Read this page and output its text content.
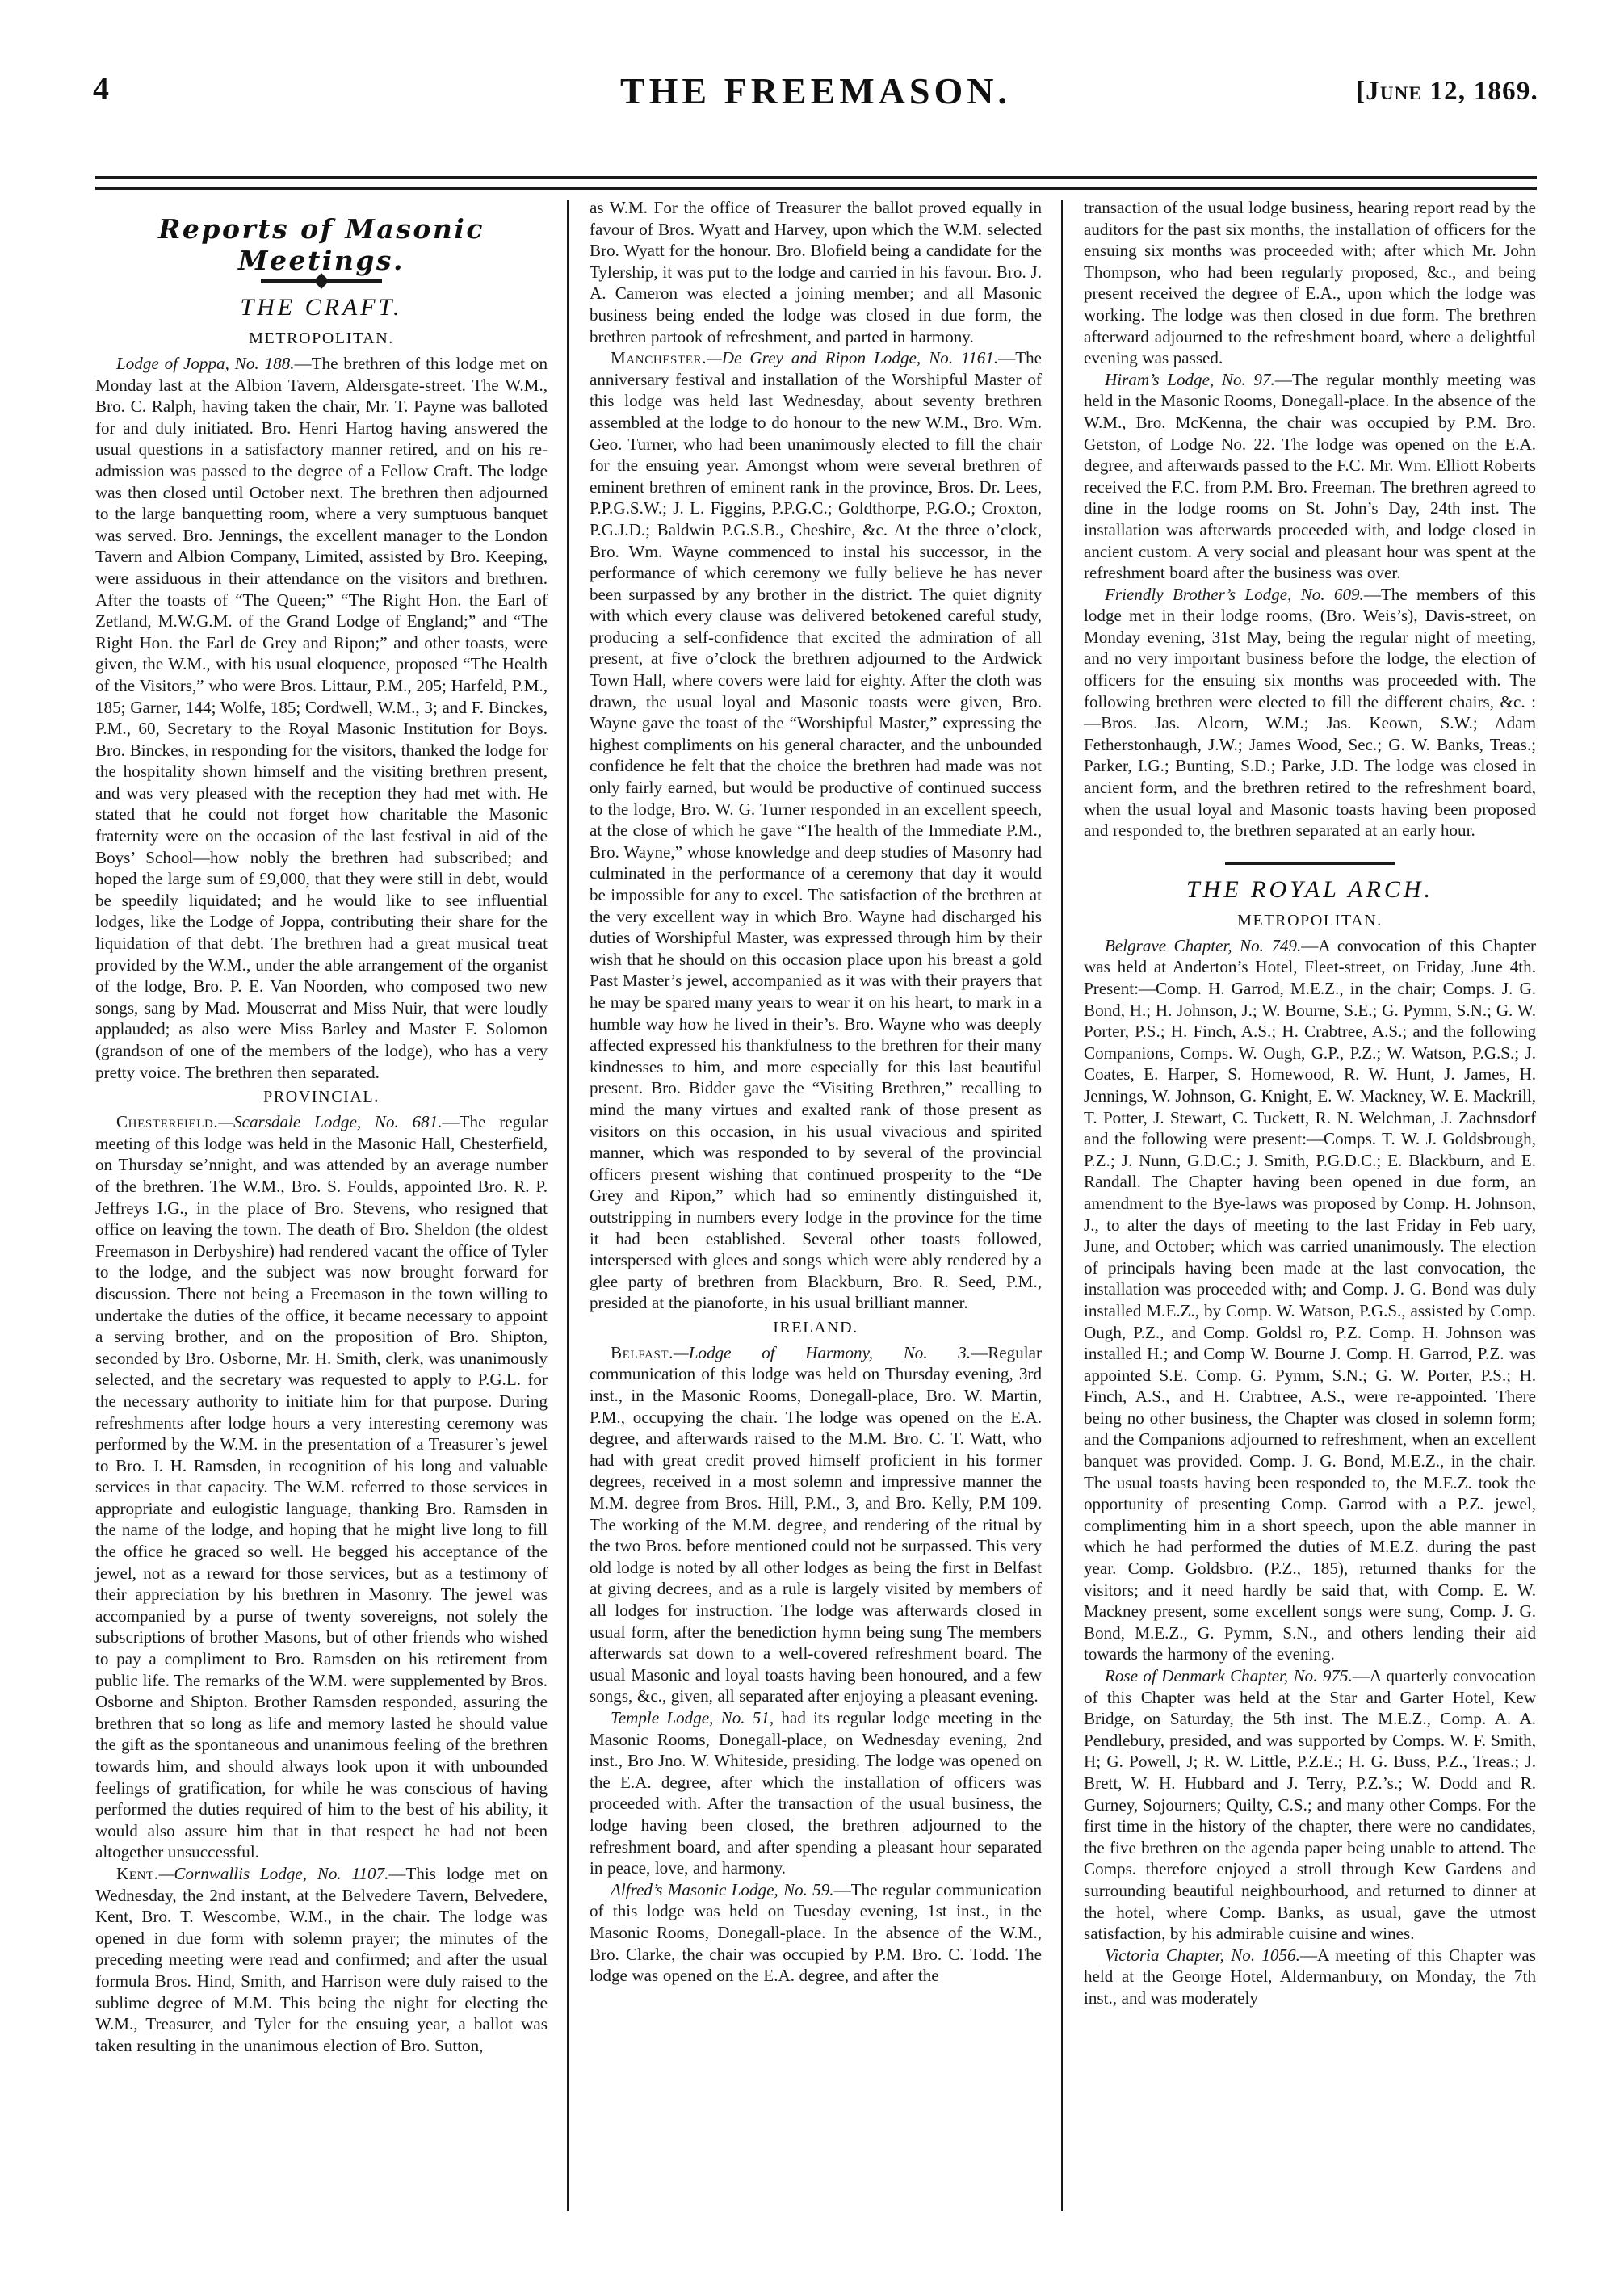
4	THE FREEMASON.	[June 12, 1869.
Reports of Masonic Meetings.
THE CRAFT.
METROPOLITAN.

Lodge of Joppa, No. 188.—The brethren of this lodge met on Monday last at the Albion Tavern, Aldersgate-street. The W.M., Bro. C. Ralph, having taken the chair, Mr. T. Payne was balloted for and duly initiated. Bro. Henri Hartog having answered the usual questions in a satisfactory manner retired, and on his re-admission was passed to the degree of a Fellow Craft. The lodge was then closed until October next. The brethren then adjourned to the large banquetting room, where a very sumptuous banquet was served. Bro. Jennings, the excellent manager to the London Tavern and Albion Company, Limited, assisted by Bro. Keeping, were assiduous in their attendance on the visitors and brethren. After the toasts of “The Queen;” “The Right Hon. the Earl of Zetland, M.W.G.M. of the Grand Lodge of England;” and “The Right Hon. the Earl de Grey and Ripon;” and other toasts, were given, the W.M., with his usual eloquence, proposed “The Health of the Visitors,” who were Bros. Littaur, P.M., 205; Harfeld, P.M., 185; Garner, 144; Wolfe, 185; Cordwell, W.M., 3; and F. Binckes, P.M., 60, Secretary to the Royal Masonic Institution for Boys. Bro. Binckes, in responding for the visitors, thanked the lodge for the hospitality shown himself and the visiting brethren present, and was very pleased with the reception they had met with. He stated that he could not forget how charitable the Masonic fraternity were on the occasion of the last festival in aid of the Boys’ School—how nobly the brethren had subscribed; and hoped the large sum of £9,000, that they were still in debt, would be speedily liquidated; and he would like to see influential lodges, like the Lodge of Joppa, contributing their share for the liquidation of that debt. The brethren had a great musical treat provided by the W.M., under the able arrangement of the organist of the lodge, Bro. P. E. Van Noorden, who composed two new songs, sang by Mad. Mouserrat and Miss Nuir, that were loudly applauded; as also were Miss Barley and Master F. Solomon (grandson of one of the members of the lodge), who has a very pretty voice. The brethren then separated.

PROVINCIAL.

Chesterfield.—Scarsdale Lodge, No. 681.—The regular meeting of this lodge was held in the Masonic Hall, Chesterfield, on Thursday se’nnight, and was attended by an average number of the brethren. The W.M., Bro. S. Foulds, appointed Bro. R. P. Jeffreys I.G., in the place of Bro. Stevens, who resigned that office on leaving the town. The death of Bro. Sheldon (the oldest Freemason in Derbyshire) had rendered vacant the office of Tyler to the lodge, and the subject was now brought forward for discussion. There not being a Freemason in the town willing to undertake the duties of the office, it became necessary to appoint a serving brother, and on the proposition of Bro. Shipton, seconded by Bro. Osborne, Mr. H. Smith, clerk, was unanimously selected, and the secretary was requested to apply to P.G.L. for the necessary authority to initiate him for that purpose. During refreshments after lodge hours a very interesting ceremony was performed by the W.M. in the presentation of a Treasurer’s jewel to Bro. J. H. Ramsden, in recognition of his long and valuable services in that capacity. The W.M. referred to those services in appropriate and eulogistic language, thanking Bro. Ramsden in the name of the lodge, and hoping that he might live long to fill the office he graced so well. He begged his acceptance of the jewel, not as a reward for those services, but as a testimony of their appreciation by his brethren in Masonry. The jewel was accompanied by a purse of twenty sovereigns, not solely the subscriptions of brother Masons, but of other friends who wished to pay a compliment to Bro. Ramsden on his retirement from public life. The remarks of the W.M. were supplemented by Bros. Osborne and Shipton. Brother Ramsden responded, assuring the brethren that so long as life and memory lasted he should value the gift as the spontaneous and unanimous feeling of the brethren towards him, and should always look upon it with unbounded feelings of gratification, for while he was conscious of having performed the duties required of him to the best of his ability, it would also assure him that in that respect he had not been altogether unsuccessful.

Kent.—Cornwallis Lodge, No. 1107.—This lodge met on Wednesday, the 2nd instant, at the Belvedere Tavern, Belvedere, Kent, Bro. T. Wescombe, W.M., in the chair. The lodge was opened in due form with solemn prayer; the minutes of the preceding meeting were read and confirmed; and after the usual formula Bros. Hind, Smith, and Harrison were duly raised to the sublime degree of M.M. This being the night for electing the W.M., Treasurer, and Tyler for the ensuing year, a ballot was taken resulting in the unanimous election of Bro. Sutton,

as W.M. For the office of Treasurer the ballot proved equally in favour of Bros. Wyatt and Harvey, upon which the W.M. selected Bro. Wyatt for the honour. Bro. Blofield being a candidate for the Tylership, it was put to the lodge and carried in his favour. Bro. J. A. Cameron was elected a joining member; and all Masonic business being ended the lodge was closed in due form, the brethren partook of refreshment, and parted in harmony.

Manchester.—De Grey and Ripon Lodge, No. 1161.—The anniversary festival and installation of the Worshipful Master of this lodge was held last Wednesday, about seventy brethren assembled at the lodge to do honour to the new W.M., Bro. Wm. Geo. Turner, who had been unanimously elected to fill the chair for the ensuing year. Amongst whom were several brethren of eminent brethren of eminent rank in the province, Bros. Dr. Lees, P.P.G.S.W.; J. L. Figgins, P.P.G.C.; Goldthorpe, P.G.O.; Croxton, P.G.J.D.; Baldwin P.G.S.B., Cheshire, &c. At the three o’clock, Bro. Wm. Wayne commenced to instal his successor, in the performance of which ceremony we fully believe he has never been surpassed by any brother in the district. The quiet dignity with which every clause was delivered betokened careful study, producing a self-confidence that excited the admiration of all present, at five o’clock the brethren adjourned to the Ardwick Town Hall, where covers were laid for eighty. After the cloth was drawn, the usual loyal and Masonic toasts were given, Bro. Wayne gave the toast of the “Worshipful Master,” expressing the highest compliments on his general character, and the unbounded confidence he felt that the choice the brethren had made was not only fairly earned, but would be productive of continued success to the lodge, Bro. W. G. Turner responded in an excellent speech, at the close of which he gave “The health of the Immediate P.M., Bro. Wayne,” whose knowledge and deep studies of Masonry had culminated in the performance of a ceremony that day it would be impossible for any to excel. The satisfaction of the brethren at the very excellent way in which Bro. Wayne had discharged his duties of Worshipful Master, was expressed through him by their wish that he should on this occasion place upon his breast a gold Past Master’s jewel, accompanied as it was with their prayers that he may be spared many years to wear it on his heart, to mark in a humble way how he lived in their’s. Bro. Wayne who was deeply affected expressed his thankfulness to the brethren for their many kindnesses to him, and more especially for this last beautiful present. Bro. Bidder gave the “Visiting Brethren,” recalling to mind the many virtues and exalted rank of those present as visitors on this occasion, in his usual vivacious and spirited manner, which was responded to by several of the provincial officers present wishing that continued prosperity to the “De Grey and Ripon,” which had so eminently distinguished it, outstripping in numbers every lodge in the province for the time it had been established. Several other toasts followed, interspersed with glees and songs which were ably rendered by a glee party of brethren from Blackburn, Bro. R. Seed, P.M., presided at the pianoforte, in his usual brilliant manner.

IRELAND.

Belfast.—Lodge of Harmony, No. 3.—Regular communication of this lodge was held on Thursday evening, 3rd inst., in the Masonic Rooms, Donegall-place, Bro. W. Martin, P.M., occupying the chair. The lodge was opened on the E.A. degree, and afterwards raised to the M.M. Bro. C. T. Watt, who had with great credit proved himself proficient in his former degrees, received in a most solemn and impressive manner the M.M. degree from Bros. Hill, P.M., 3, and Bro. Kelly, P.M 109. The working of the M.M. degree, and rendering of the ritual by the two Bros. before mentioned could not be surpassed. This very old lodge is noted by all other lodges as being the first in Belfast at giving decrees, and as a rule is largely visited by members of all lodges for instruction. The lodge was afterwards closed in usual form, after the benediction hymn being sung The members afterwards sat down to a well-covered refreshment board. The usual Masonic and loyal toasts having been honoured, and a few songs, &c., given, all separated after enjoying a pleasant evening.

Temple Lodge, No. 51, had its regular lodge meeting in the Masonic Rooms, Donegall-place, on Wednesday evening, 2nd inst., Bro Jno. W. Whiteside, presiding. The lodge was opened on the E.A. degree, after which the installation of officers was proceeded with. After the transaction of the usual business, the lodge having been closed, the brethren adjourned to the refreshment board, and after spending a pleasant hour separated in peace, love, and harmony.

Alfred’s Masonic Lodge, No. 59.—The regular communication of this lodge was held on Tuesday evening, 1st inst., in the Masonic Rooms, Donegall-place. In the absence of the W.M., Bro. Clarke, the chair was occupied by P.M. Bro. C. Todd. The lodge was opened on the E.A. degree, and after the

transaction of the usual lodge business, hearing report read by the auditors for the past six months, the installation of officers for the ensuing six months was proceeded with; after which Mr. John Thompson, who had been regularly proposed, &c., and being present received the degree of E.A., upon which the lodge was working. The lodge was then closed in due form. The brethren afterward adjourned to the refreshment board, where a delightful evening was passed.

Hiram’s Lodge, No. 97.—The regular monthly meeting was held in the Masonic Rooms, Donegall-place. In the absence of the W.M., Bro. McKenna, the chair was occupied by P.M. Bro. Getston, of Lodge No. 22. The lodge was opened on the E.A. degree, and afterwards passed to the F.C. Mr. Wm. Elliott Roberts received the F.C. from P.M. Bro. Freeman. The brethren agreed to dine in the lodge rooms on St. John’s Day, 24th inst. The installation was afterwards proceeded with, and lodge closed in ancient custom. A very social and pleasant hour was spent at the refreshment board after the business was over.

Friendly Brother’s Lodge, No. 609.—The members of this lodge met in their lodge rooms, (Bro. Weis’s), Davis-street, on Monday evening, 31st May, being the regular night of meeting, and no very important business before the lodge, the election of officers for the ensuing six months was proceeded with. The following brethren were elected to fill the different chairs, &c. :—Bros. Jas. Alcorn, W.M.; Jas. Keown, S.W.; Adam Fetherstonhaugh, J.W.; James Wood, Sec.; G. W. Banks, Treas.; Parker, I.G.; Bunting, S.D.; Parke, J.D. The lodge was closed in ancient form, and the brethren retired to the refreshment board, when the usual loyal and Masonic toasts having been proposed and responded to, the brethren separated at an early hour.

THE ROYAL ARCH.
METROPOLITAN.

Belgrave Chapter, No. 749.—A convocation of this Chapter was held at Anderton’s Hotel, Fleet-street, on Friday, June 4th. Present:—Comp. H. Garrod, M.E.Z., in the chair; Comps. J. G. Bond, H.; H. Johnson, J.; W. Bourne, S.E.; G. Pymm, S.N.; G. W. Porter, P.S.; H. Finch, A.S.; H. Crabtree, A.S.; and the following Companions, Comps. W. Ough, G.P., P.Z.; W. Watson, P.G.S.; J. Coates, E. Harper, S. Homewood, R. W. Hunt, J. James, H. Jennings, W. Johnson, G. Knight, E. W. Mackney, W. E. Mackrill, T. Potter, J. Stewart, C. Tuckett, R. N. Welchman, J. Zachnsdorf and the following were present:—Comps. T. W. J. Goldsbrough, P.Z.; J. Nunn, G.D.C.; J. Smith, P.G.D.C.; E. Blackburn, and E. Randall. The Chapter having been opened in due form, an amendment to the Bye-laws was proposed by Comp. H. Johnson, J., to alter the days of meeting to the last Friday in Feb uary, June, and October; which was carried unanimously. The election of principals having been made at the last convocation, the installation was proceeded with; and Comp. J. G. Bond was duly installed M.E.Z., by Comp. W. Watson, P.G.S., assisted by Comp. Ough, P.Z., and Comp. Goldsl ro, P.Z. Comp. H. Johnson was installed H.; and Comp W. Bourne J. Comp. H. Garrod, P.Z. was appointed S.E. Comp. G. Pymm, S.N.; G. W. Porter, P.S.; H. Finch, A.S., and H. Crabtree, A.S., were re-appointed. There being no other business, the Chapter was closed in solemn form; and the Companions adjourned to refreshment, when an excellent banquet was provided. Comp. J. G. Bond, M.E.Z., in the chair. The usual toasts having been responded to, the M.E.Z. took the opportunity of presenting Comp. Garrod with a P.Z. jewel, complimenting him in a short speech, upon the able manner in which he had performed the duties of M.E.Z. during the past year. Comp. Goldsbro. (P.Z., 185), returned thanks for the visitors; and it need hardly be said that, with Comp. E. W. Mackney present, some excellent songs were sung, Comp. J. G. Bond, M.E.Z., G. Pymm, S.N., and others lending their aid towards the harmony of the evening.

Rose of Denmark Chapter, No. 975.—A quarterly convocation of this Chapter was held at the Star and Garter Hotel, Kew Bridge, on Saturday, the 5th inst. The M.E.Z., Comp. A. A. Pendlebury, presided, and was supported by Comps. W. F. Smith, H; G. Powell, J; R. W. Little, P.Z.E.; H. G. Buss, P.Z., Treas.; J. Brett, W. H. Hubbard and J. Terry, P.Z.’s.; W. Dodd and R. Gurney, Sojourners; Quilty, C.S.; and many other Comps. For the first time in the history of the chapter, there were no candidates, the five brethren on the agenda paper being unable to attend. The Comps. therefore enjoyed a stroll through Kew Gardens and surrounding beautiful neighbourhood, and returned to dinner at the hotel, where Comp. Banks, as usual, gave the utmost satisfaction, by his admirable cuisine and wines.

Victoria Chapter, No. 1056.—A meeting of this Chapter was held at the George Hotel, Aldermanbury, on Monday, the 7th inst., and was moderately
